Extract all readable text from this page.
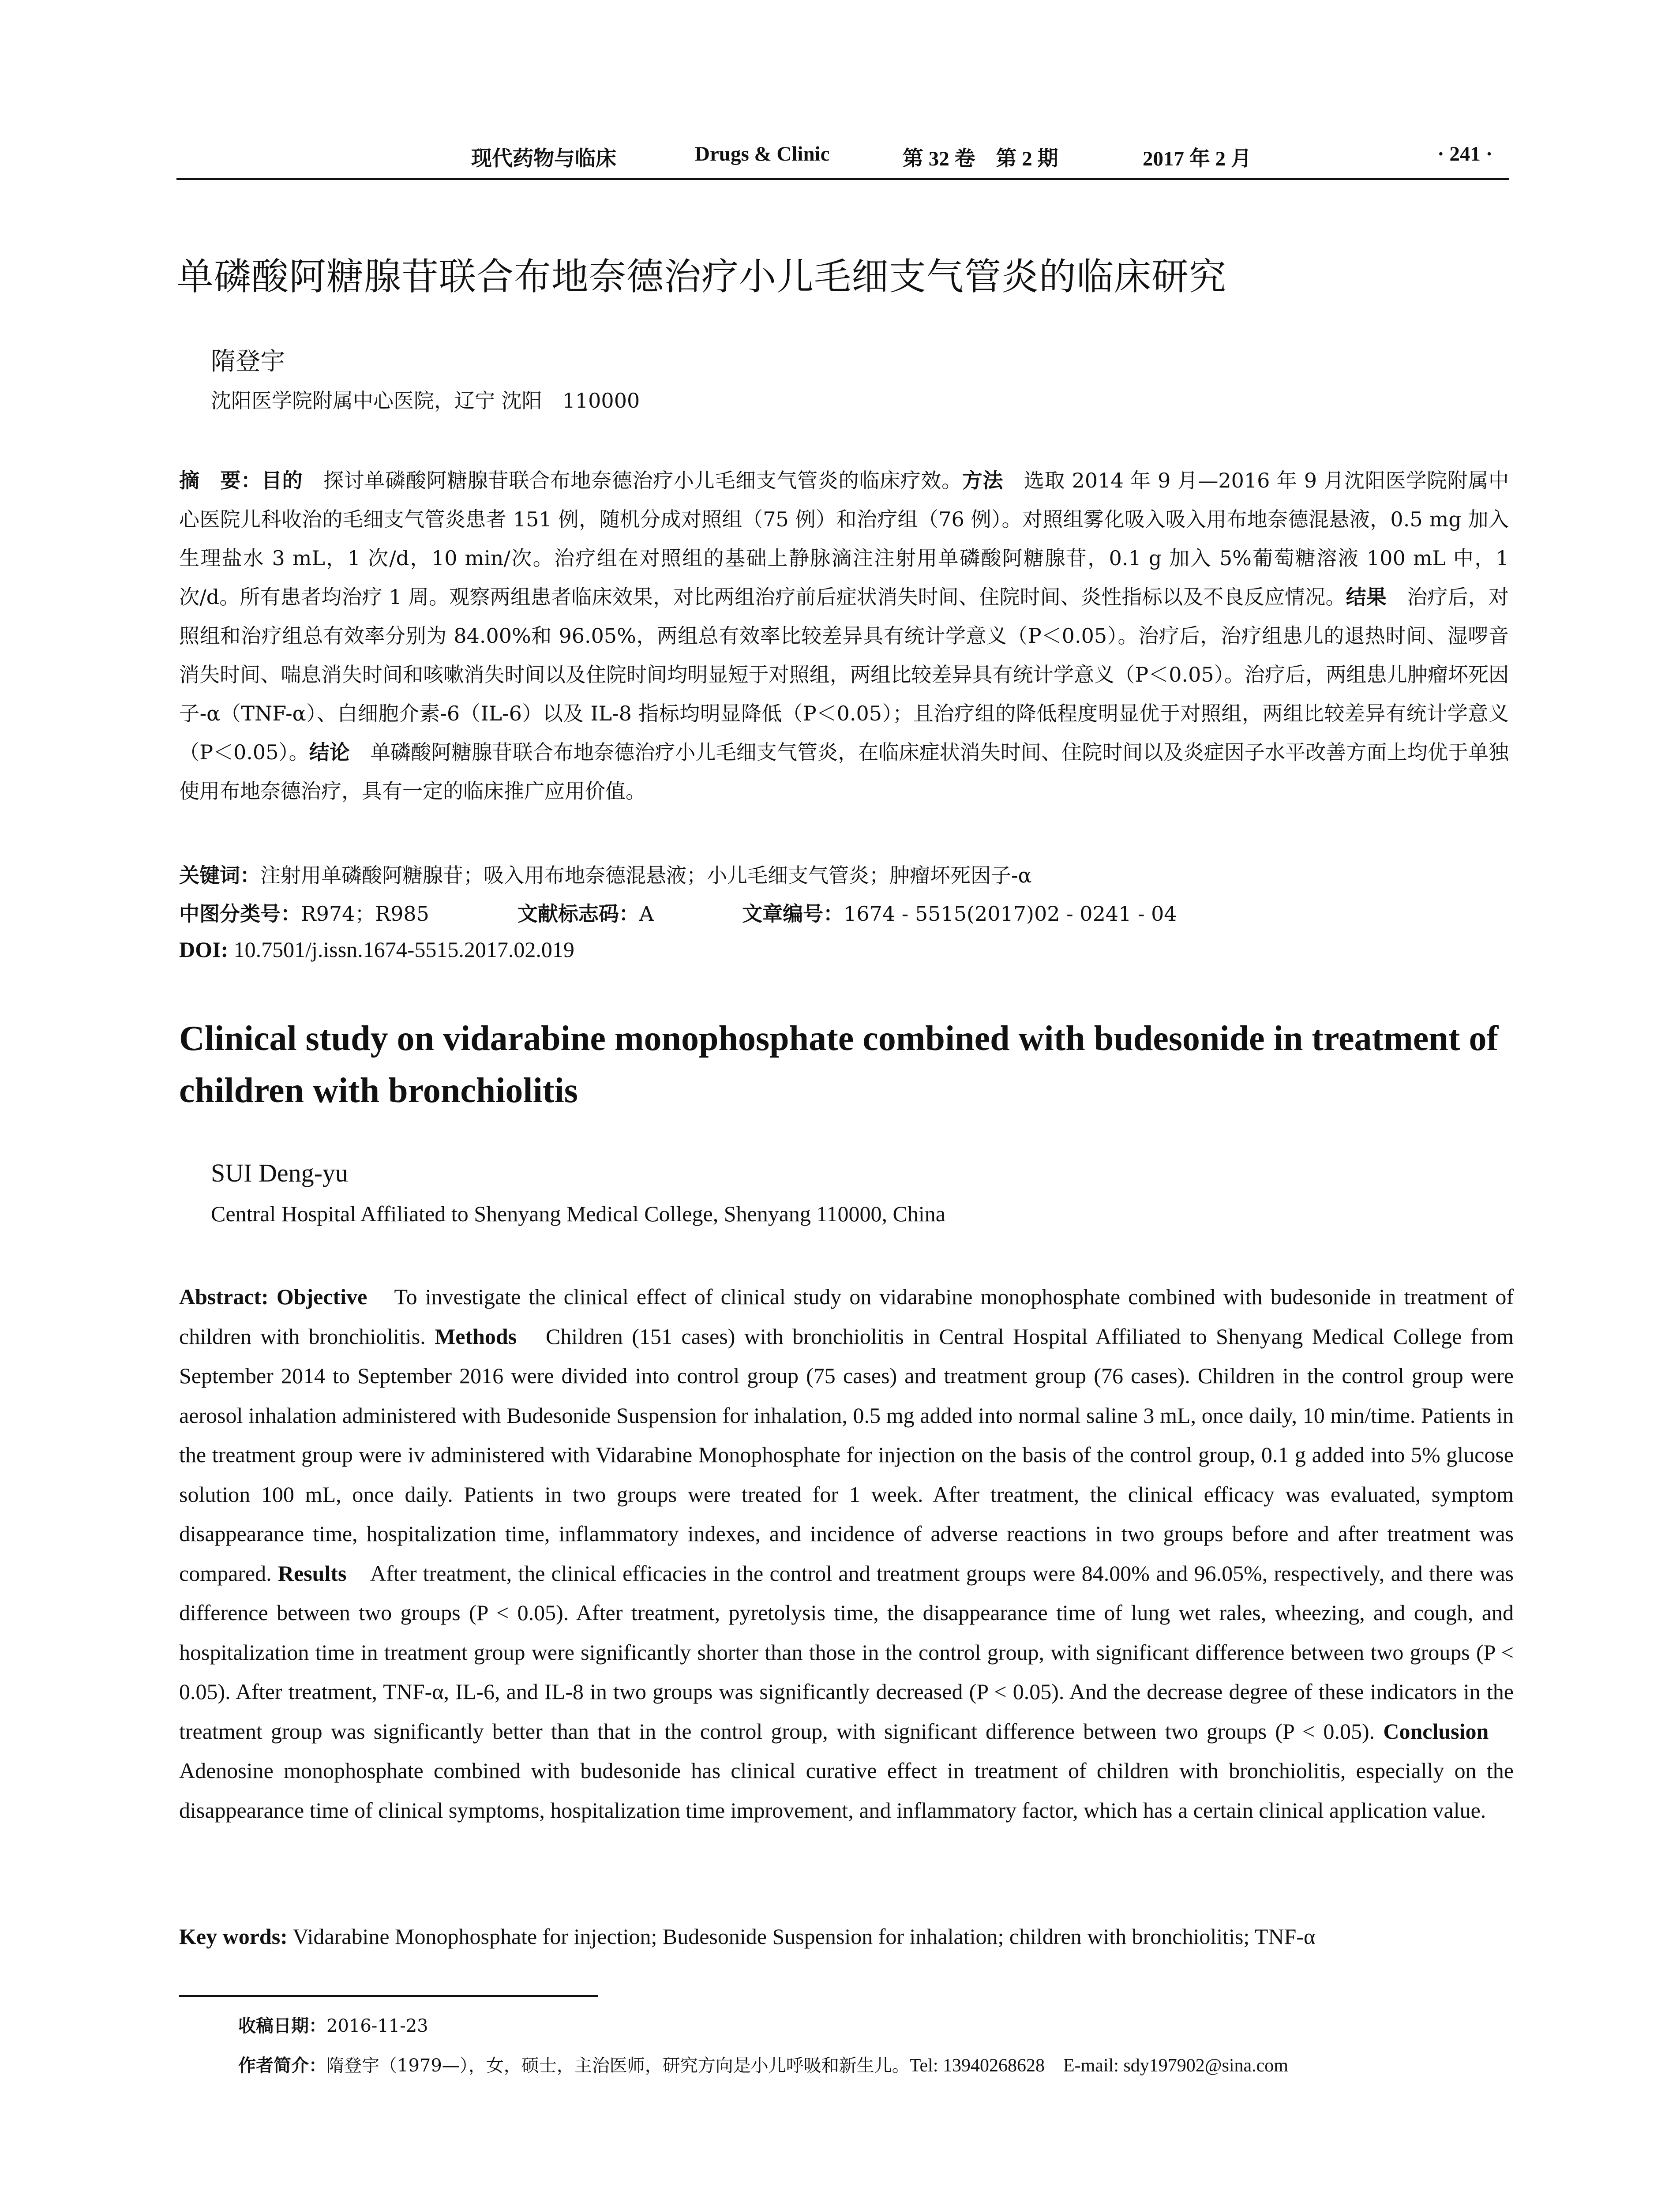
现代药物与临床	Drugs & Clinic	第 32 卷　第 2 期	2017 年 2 月	· 241 ·
单磷酸阿糖腺苷联合布地奈德治疗小儿毛细支气管炎的临床研究
隋登宇
沈阳医学院附属中心医院，辽宁 沈阳　110000

摘　要：目的　探讨单磷酸阿糖腺苷联合布地奈德治疗小儿毛细支气管炎的临床疗效。方法　选取 2014 年 9 月—2016 年 9 月沈阳医学院附属中心医院儿科收治的毛细支气管炎患者 151 例，随机分成对照组（75 例）和治疗组（76 例）。对照组雾化吸入吸入用布地奈德混悬液，0.5 mg 加入生理盐水 3 mL，1 次/d，10 min/次。治疗组在对照组的基础上静脉滴注注射用单磷酸阿糖腺苷，0.1 g 加入 5%葡萄糖溶液 100 mL 中，1 次/d。所有患者均治疗 1 周。观察两组患者临床效果，对比两组治疗前后症状消失时间、住院时间、炎性指标以及不良反应情况。结果　治疗后，对照组和治疗组总有效率分别为 84.00%和 96.05%，两组总有效率比较差异具有统计学意义（P＜0.05）。治疗后，治疗组患儿的退热时间、湿啰音消失时间、喘息消失时间和咳嗽消失时间以及住院时间均明显短于对照组，两组比较差异具有统计学意义（P＜0.05）。治疗后，两组患儿肿瘤坏死因子-α（TNF-α）、白细胞介素-6（IL-6）以及 IL-8 指标均明显降低（P＜0.05）；且治疗组的降低程度明显优于对照组，两组比较差异有统计学意义（P＜0.05）。结论　单磷酸阿糖腺苷联合布地奈德治疗小儿毛细支气管炎，在临床症状消失时间、住院时间以及炎症因子水平改善方面上均优于单独使用布地奈德治疗，具有一定的临床推广应用价值。

关键词：注射用单磷酸阿糖腺苷；吸入用布地奈德混悬液；小儿毛细支气管炎；肿瘤坏死因子-α
中图分类号：R974；R985	文献标志码：A	文章编号：1674 - 5515(2017)02 - 0241 - 04
DOI: 10.7501/j.issn.1674-5515.2017.02.019
Clinical study on vidarabine monophosphate combined with budesonide in treatment of children with bronchiolitis
SUI Deng-yu
Central Hospital Affiliated to Shenyang Medical College, Shenyang 110000, China

Abstract: Objective　To investigate the clinical effect of clinical study on vidarabine monophosphate combined with budesonide in treatment of children with bronchiolitis. Methods　Children (151 cases) with bronchiolitis in Central Hospital Affiliated to Shenyang Medical College from September 2014 to September 2016 were divided into control group (75 cases) and treatment group (76 cases). Children in the control group were aerosol inhalation administered with Budesonide Suspension for inhalation, 0.5 mg added into normal saline 3 mL, once daily, 10 min/time. Patients in the treatment group were iv administered with Vidarabine Monophosphate for injection on the basis of the control group, 0.1 g added into 5% glucose solution 100 mL, once daily. Patients in two groups were treated for 1 week. After treatment, the clinical efficacy was evaluated, symptom disappearance time, hospitalization time, inflammatory indexes, and incidence of adverse reactions in two groups before and after treatment was compared. Results　After treatment, the clinical efficacies in the control and treatment groups were 84.00% and 96.05%, respectively, and there was difference between two groups (P < 0.05). After treatment, pyretolysis time, the disappearance time of lung wet rales, wheezing, and cough, and hospitalization time in treatment group were significantly shorter than those in the control group, with significant difference between two groups (P < 0.05). After treatment, TNF-α, IL-6, and IL-8 in two groups was significantly decreased (P < 0.05). And the decrease degree of these indicators in the treatment group was significantly better than that in the control group, with significant difference between two groups (P < 0.05). Conclusion　Adenosine monophosphate combined with budesonide has clinical curative effect in treatment of children with bronchiolitis, especially on the disappearance time of clinical symptoms, hospitalization time improvement, and inflammatory factor, which has a certain clinical application value.

Key words: Vidarabine Monophosphate for injection; Budesonide Suspension for inhalation; children with bronchiolitis; TNF-α
收稿日期：2016-11-23
作者简介：隋登宇（1979—），女，硕士，主治医师，研究方向是小儿呼吸和新生儿。Tel: 13940268628　E-mail: sdy197902@sina.com
